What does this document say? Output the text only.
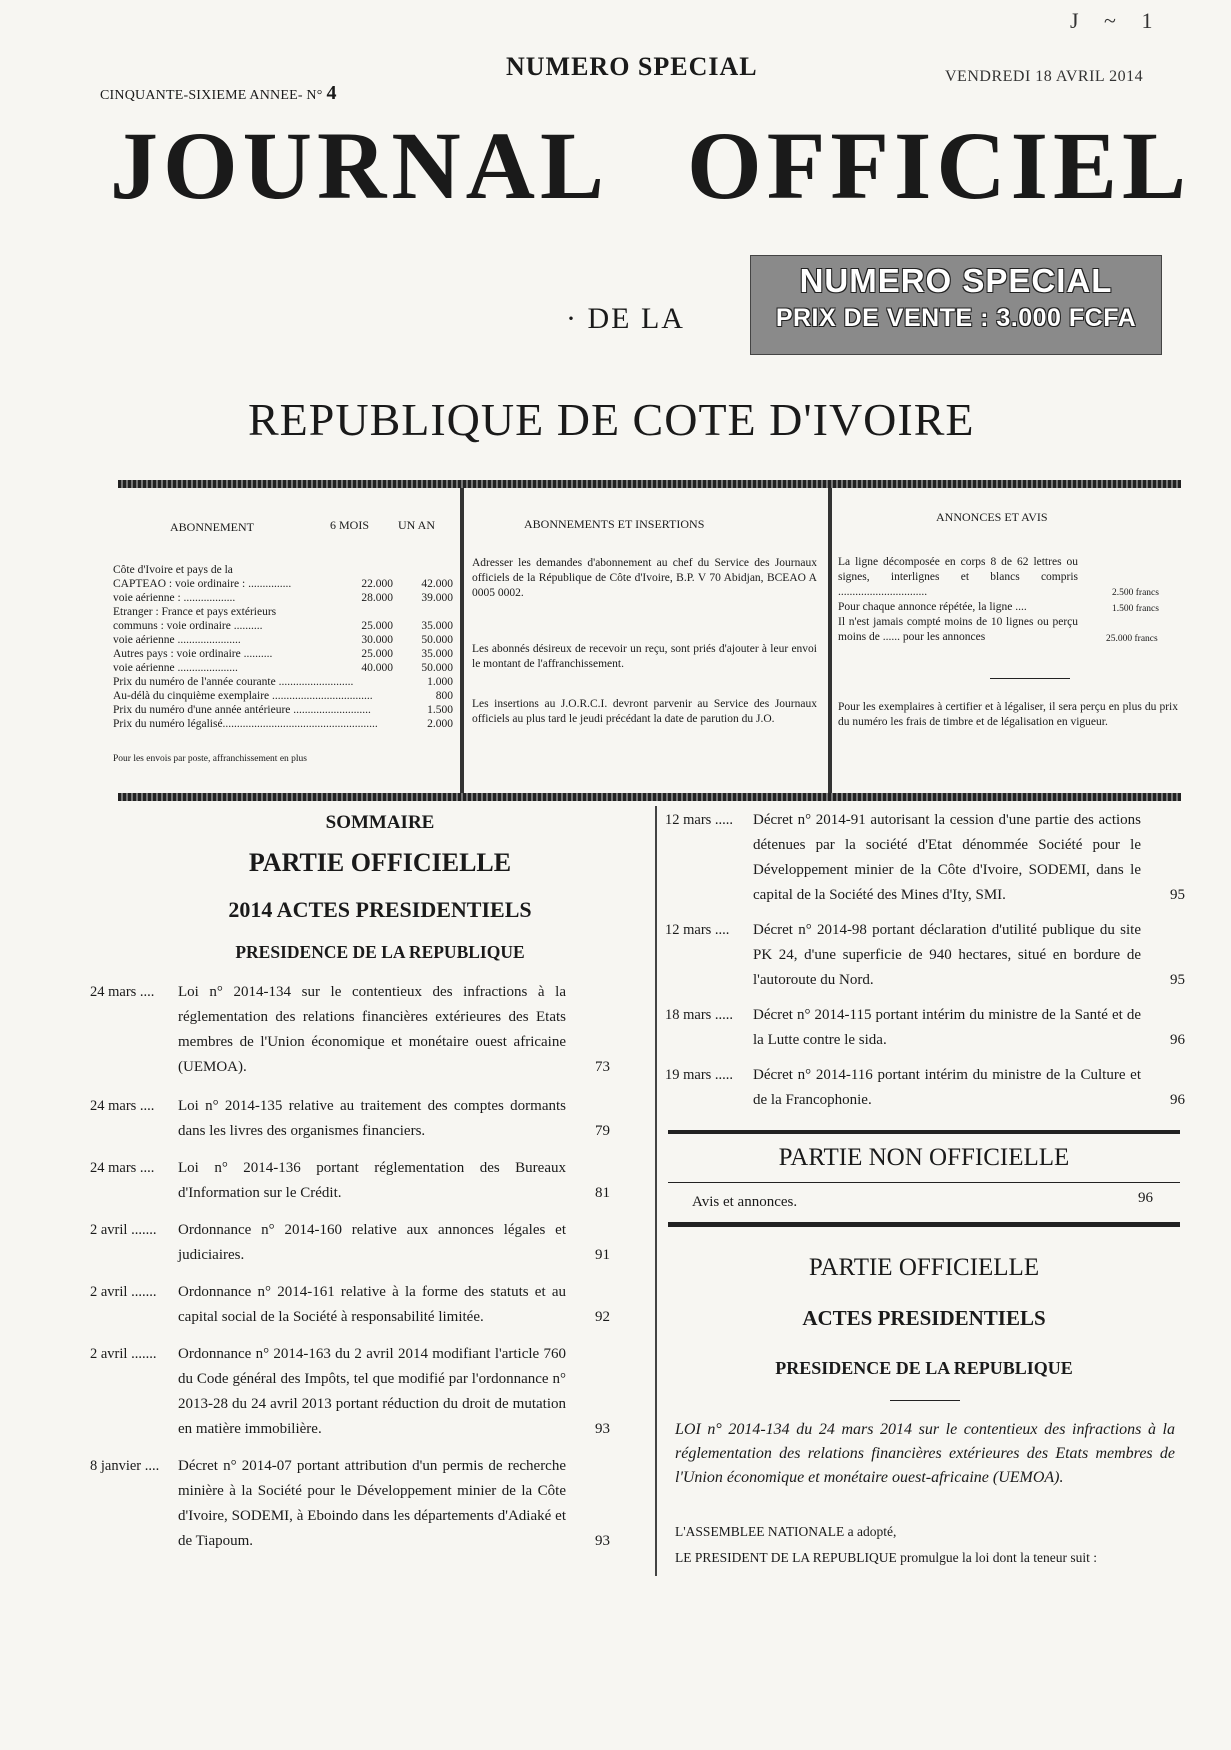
J ~ 1
CINQUANTE-SIXIEME ANNEE- N° 4
NUMERO SPECIAL	VENDREDI 18 AVRIL 2014
JOURNAL OFFICIEL
· DE LA
NUMERO SPECIAL
PRIX DE VENTE : 3.000 FCFA
REPUBLIQUE DE COTE D'IVOIRE
ABONNEMENT	6 MOIS UN AN
Côte d'Ivoire et pays de la
CAPTEAO : voie ordinaire : ...............	22.000	42.000
voie aérienne : ..................	28.000	39.000
Etranger : France et pays extérieurs
communs : voie ordinaire ..........	25.000	35.000
voie aérienne ......................	30.000	50.000
Autres pays : voie ordinaire ..........	25.000	35.000
voie aérienne .....................	40.000	50.000
Prix du numéro de l'année courante ..........................	1.000
Au-délà du cinquième exemplaire ...................................	800
Prix du numéro d'une année antérieure ...........................	1.500
Prix du numéro légalisé......................................................	2.000
Pour les envois par poste, affranchissement en plus
ABONNEMENTS ET INSERTIONS
Adresser les demandes d'abonnement au chef du Service des Journaux officiels de la République de Côte d'Ivoire, B.P. V 70 Abidjan, BCEAO A 0005 0002.
Les abonnés désireux de recevoir un reçu, sont priés d'ajouter à leur envoi le montant de l'affranchissement.
Les insertions au J.O.R.C.I. devront parvenir au Service des Journaux officiels au plus tard le jeudi précédant la date de parution du J.O.
ANNONCES ET AVIS
La ligne décomposée en corps 8 de 62 lettres ou signes, interlignes et blancs compris ...............................	2.500 francs
Pour chaque annonce répétée, la ligne ....	1.500 francs
Il n'est jamais compté moins de 10 lignes ou perçu moins de ...... pour les annonces	25.000 francs
Pour les exemplaires à certifier et à légaliser, il sera perçu en plus du prix du numéro les frais de timbre et de légalisation en vigueur.
SOMMAIRE
PARTIE OFFICIELLE
2014 ACTES PRESIDENTIELS
PRESIDENCE DE LA REPUBLIQUE
24 mars ....	Loi n° 2014-134 sur le contentieux des infractions à la réglementation des relations financières extérieures des Etats membres de l'Union économique et monétaire ouest africaine (UEMOA).	73
24 mars ....	Loi n° 2014-135 relative au traitement des comptes dormants dans les livres des organismes financiers.	79
24 mars ....	Loi n° 2014-136 portant réglementation des Bureaux d'Information sur le Crédit.	81
2 avril .......	Ordonnance n° 2014-160 relative aux annonces légales et judiciaires.	91
2 avril .......	Ordonnance n° 2014-161 relative à la forme des statuts et au capital social de la Société à responsabilité limitée.	92
2 avril .......	Ordonnance n° 2014-163 du 2 avril 2014 modifiant l'article 760 du Code général des Impôts, tel que modifié par l'ordonnance n° 2013-28 du 24 avril 2013 portant réduction du droit de mutation en matière immobilière.	93
8 janvier ....	Décret n° 2014-07 portant attribution d'un permis de recherche minière à la Société pour le Développement minier de la Côte d'Ivoire, SODEMI, à Eboindo dans les départements d'Adiaké et de Tiapoum.	93
12 mars .....	Décret n° 2014-91 autorisant la cession d'une partie des actions détenues par la société d'Etat dénommée Société pour le Développement minier de la Côte d'Ivoire, SODEMI, dans le capital de la Société des Mines d'Ity, SMI.	95
12 mars ....	Décret n° 2014-98 portant déclaration d'utilité publique du site PK 24, d'une superficie de 940 hectares, situé en bordure de l'autoroute du Nord.	95
18 mars .....	Décret n° 2014-115 portant intérim du ministre de la Santé et de la Lutte contre le sida.	96
19 mars .....	Décret n° 2014-116 portant intérim du ministre de la Culture et de la Francophonie.	96
PARTIE NON OFFICIELLE
Avis et annonces.	96
PARTIE OFFICIELLE
ACTES PRESIDENTIELS
PRESIDENCE DE LA REPUBLIQUE
LOI n° 2014-134 du 24 mars 2014 sur le contentieux des infractions à la réglementation des relations financières extérieures des Etats membres de l'Union économique et monétaire ouest-africaine (UEMOA).
L'ASSEMBLEE NATIONALE a adopté,
LE PRESIDENT DE LA REPUBLIQUE promulgue la loi dont la teneur suit :
